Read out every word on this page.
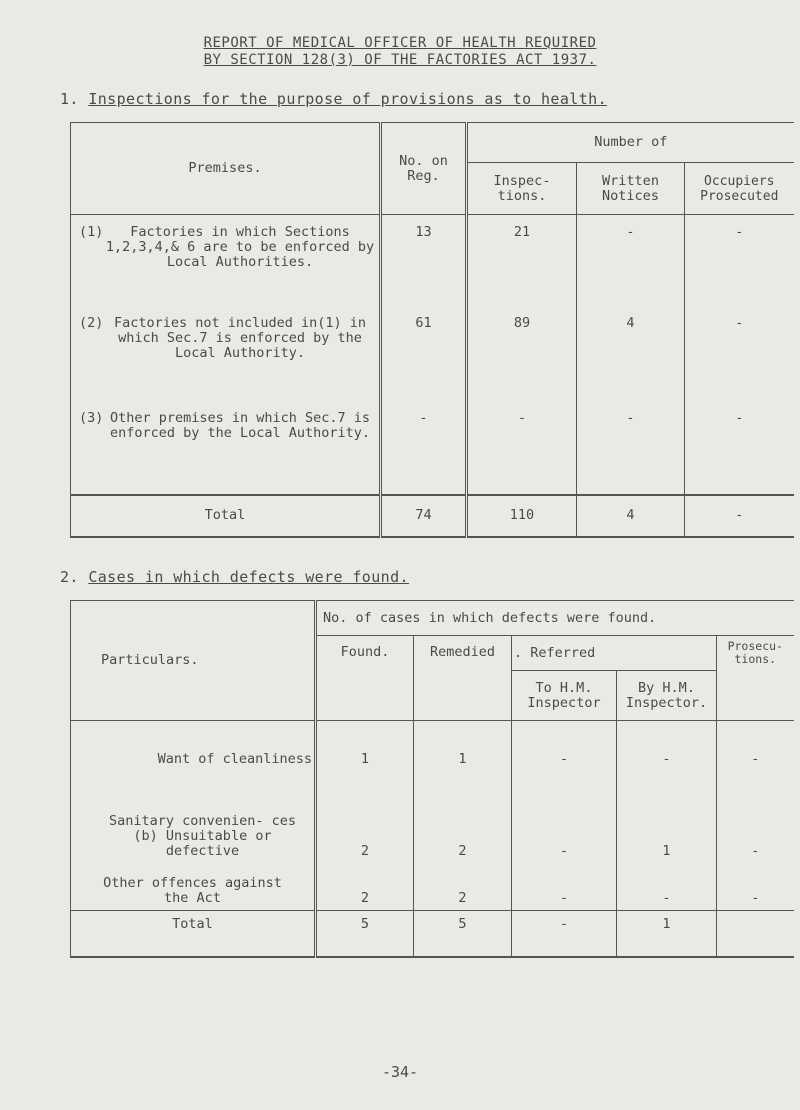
REPORT OF MEDICAL OFFICER OF HEALTH REQUIRED
BY SECTION 128(3) OF THE FACTORIES ACT 1937.
1. Inspections for the purpose of provisions as to health.
Premises.	No. on Reg.	Number of		
		Inspec- tions.	Written Notices	Occupiers Prosecuted

(1) Factories in which Sections 1,2,3,4,& 6 are to be enforced by Local Authorities.	13	21	-	-

(2) Factories not included in(1) in which Sec.7 is enforced by the Local Authority.	61	89	4	-

(3) Other premises in which Sec.7 is enforced by the Local Authority.	-	-	-	-
Total	74	110	4	-
2. Cases in which defects were found.
Particulars.	No. of cases in which defects were found.				
	Found.	Remedied	. Referred		Prosecu- tions.
			To H.M. Inspector	By H.M. Inspector.	
Want of cleanliness	1	1	-	-	-
Sanitary convenien- ces (b) Unsuitable or defective	2	2	-	1	-
Other offences against the Act	2	2	-	-	-
Total	5	5	-	1	
-34-
